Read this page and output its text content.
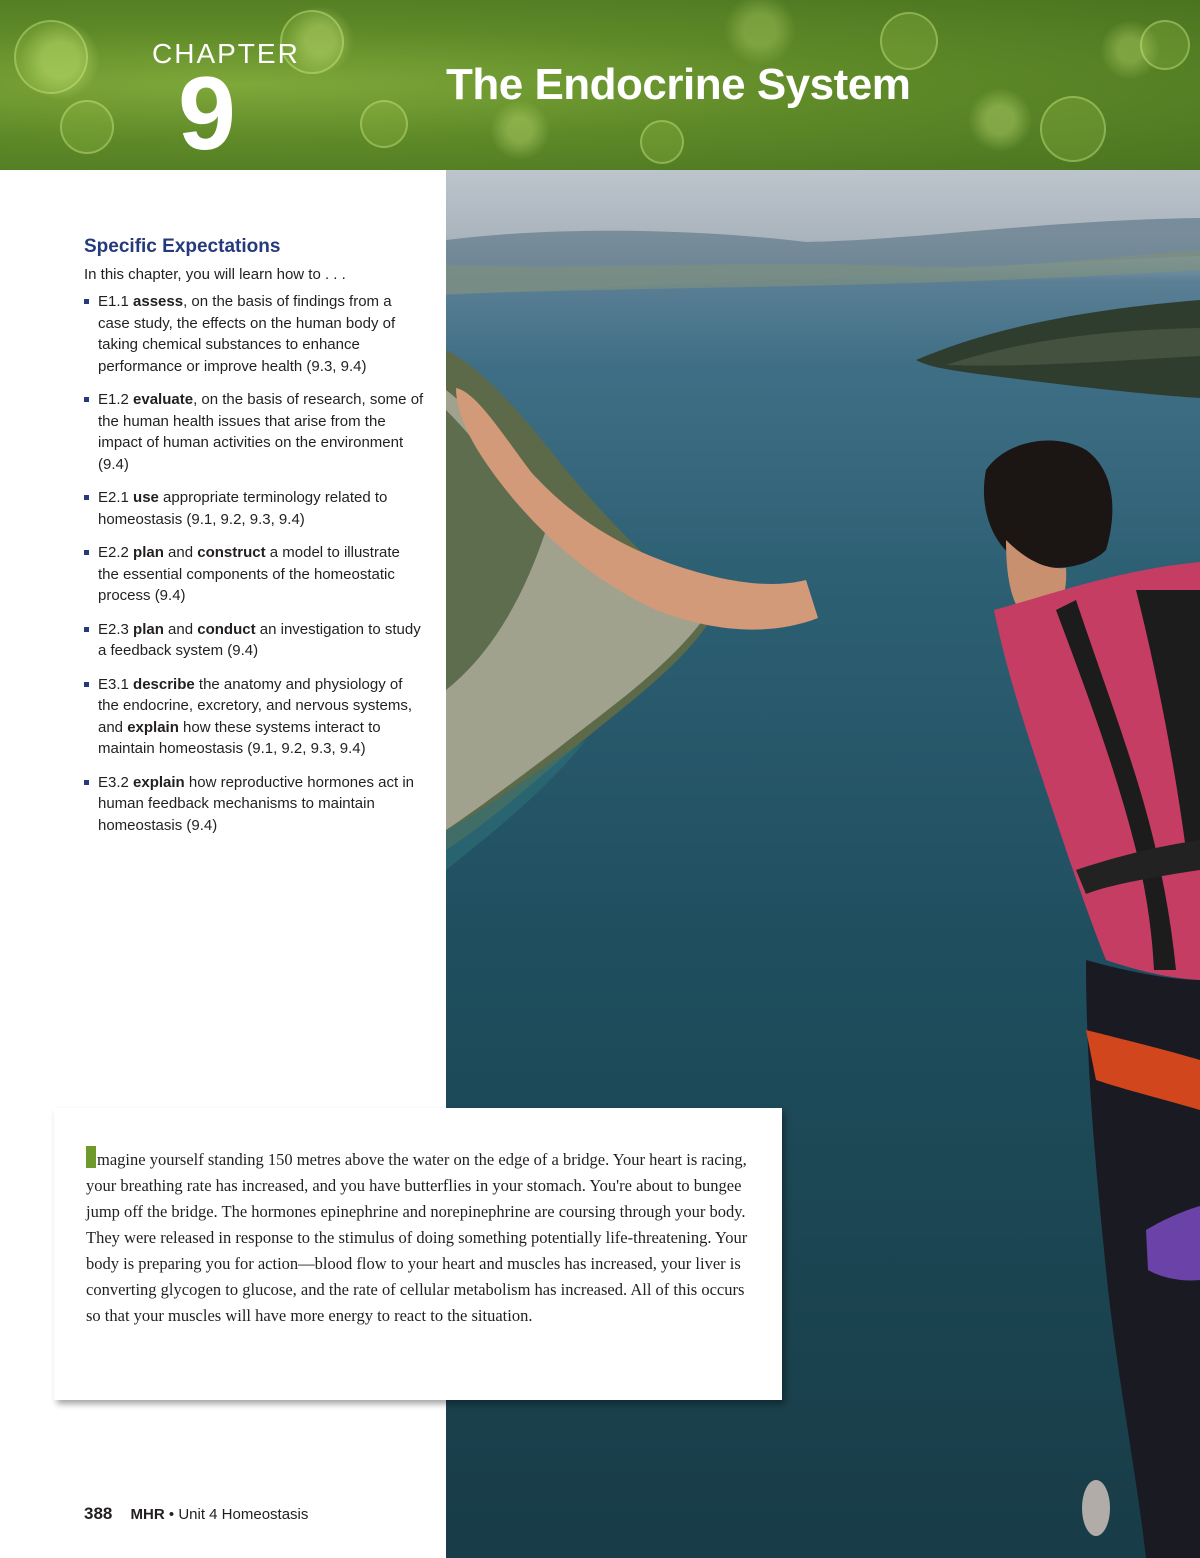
CHAPTER
9	The Endocrine System
Specific Expectations
In this chapter, you will learn how to . . .
E1.1 assess, on the basis of findings from a case study, the effects on the human body of taking chemical substances to enhance performance or improve health (9.3, 9.4)
E1.2 evaluate, on the basis of research, some of the human health issues that arise from the impact of human activities on the environment (9.4)
E2.1 use appropriate terminology related to homeostasis (9.1, 9.2, 9.3, 9.4)
E2.2 plan and construct a model to illustrate the essential components of the homeostatic process (9.4)
E2.3 plan and conduct an investigation to study a feedback system (9.4)
E3.1 describe the anatomy and physiology of the endocrine, excretory, and nervous systems, and explain how these systems interact to maintain homeostasis (9.1, 9.2, 9.3, 9.4)
E3.2 explain how reproductive hormones act in human feedback mechanisms to maintain homeostasis (9.4)

magine yourself standing 150 metres above the water on the edge of a bridge. Your heart is racing, your breathing rate has increased, and you have butterflies in your stomach. You're about to bungee jump off the bridge. The hormones epinephrine and norepinephrine are coursing through your body. They were released in response to the stimulus of doing something potentially life-threatening. Your body is preparing you for action—blood flow to your heart and muscles has increased, your liver is converting glycogen to glucose, and the rate of cellular metabolism has increased. All of this occurs so that your muscles will have more energy to react to the situation.

388 MHR • Unit 4 Homeostasis
